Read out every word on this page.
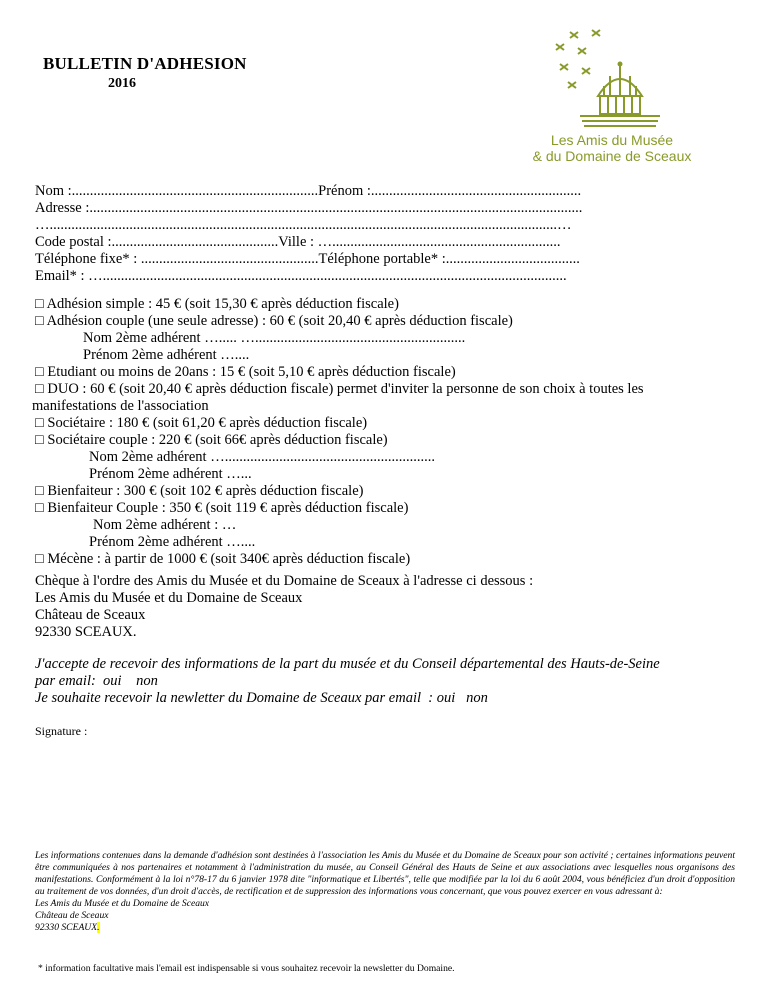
BULLETIN D'ADHESION
2016
Les Amis du Musée
& du Domaine de Sceaux
Nom :....................................................................Prénom :..........................................................
Adresse :........................................................................................................................................
…............................................................................................................................................…
Code postal :..............................................Ville : …...............................................................
Téléphone fixe* : .................................................Téléphone portable* :.....................................
Email* : …................................................................................................................................
□ Adhésion simple : 45 € (soit 15,30 € après déduction fiscale)
□ Adhésion couple (une seule adresse) : 60 € (soit 20,40 € après déduction fiscale)
Nom 2ème adhérent …..... …..........................................................
Prénom 2ème adhérent …....
□ Etudiant ou moins de 20ans : 15 € (soit 5,10 € après déduction fiscale)
□ DUO : 60 € (soit 20,40 € après déduction fiscale) permet d'inviter la personne de son choix à toutes les
manifestations de l'association
□ Sociétaire : 180 € (soit 61,20 € après déduction fiscale)
□ Sociétaire couple : 220 € (soit 66€ après déduction fiscale)
Nom 2ème adhérent …..........................................................
Prénom 2ème adhérent …...
□ Bienfaiteur : 300 € (soit 102 € après déduction fiscale)
□ Bienfaiteur Couple : 350 € (soit 119 € après déduction fiscale)
Nom 2ème adhérent : …
Prénom 2ème adhérent …....
□ Mécène : à partir de 1000 € (soit 340€ après déduction fiscale)
Chèque à l'ordre des Amis du Musée et du Domaine de Sceaux à l'adresse ci dessous :
Les Amis du Musée et du Domaine de Sceaux
Château de Sceaux
92330 SCEAUX.
J'accepte de recevoir des informations de la part du musée et du Conseil départemental des Hauts-de-Seine
par email:  oui    non
Je souhaite recevoir la newletter du Domaine de Sceaux par email  : oui   non
Signature :
Les informations contenues dans la demande d'adhésion sont destinées à l'association les Amis du Musée et du Domaine de Sceaux pour son activité ; certaines informations peuvent être communiquées à nos partenaires et notamment à l'administration du musée, au Conseil Général des Hauts de Seine et aux associations avec lesquelles nous organisons des manifestations. Conformément à la loi n°78-17 du 6 janvier 1978 dite "informatique et Libertés", telle que modifiée par la loi du 6 août 2004, vous bénéficiez d'un droit d'opposition au traitement de vos données, d'un droit d'accès, de rectification et de suppression des informations vous concernant, que vous pouvez exercer en vous adressant à:
Les Amis du Musée et du Domaine de Sceaux
Château de Sceaux
92330 SCEAUX.
* information facultative mais l'email est indispensable si vous souhaitez recevoir la newsletter du Domaine.
